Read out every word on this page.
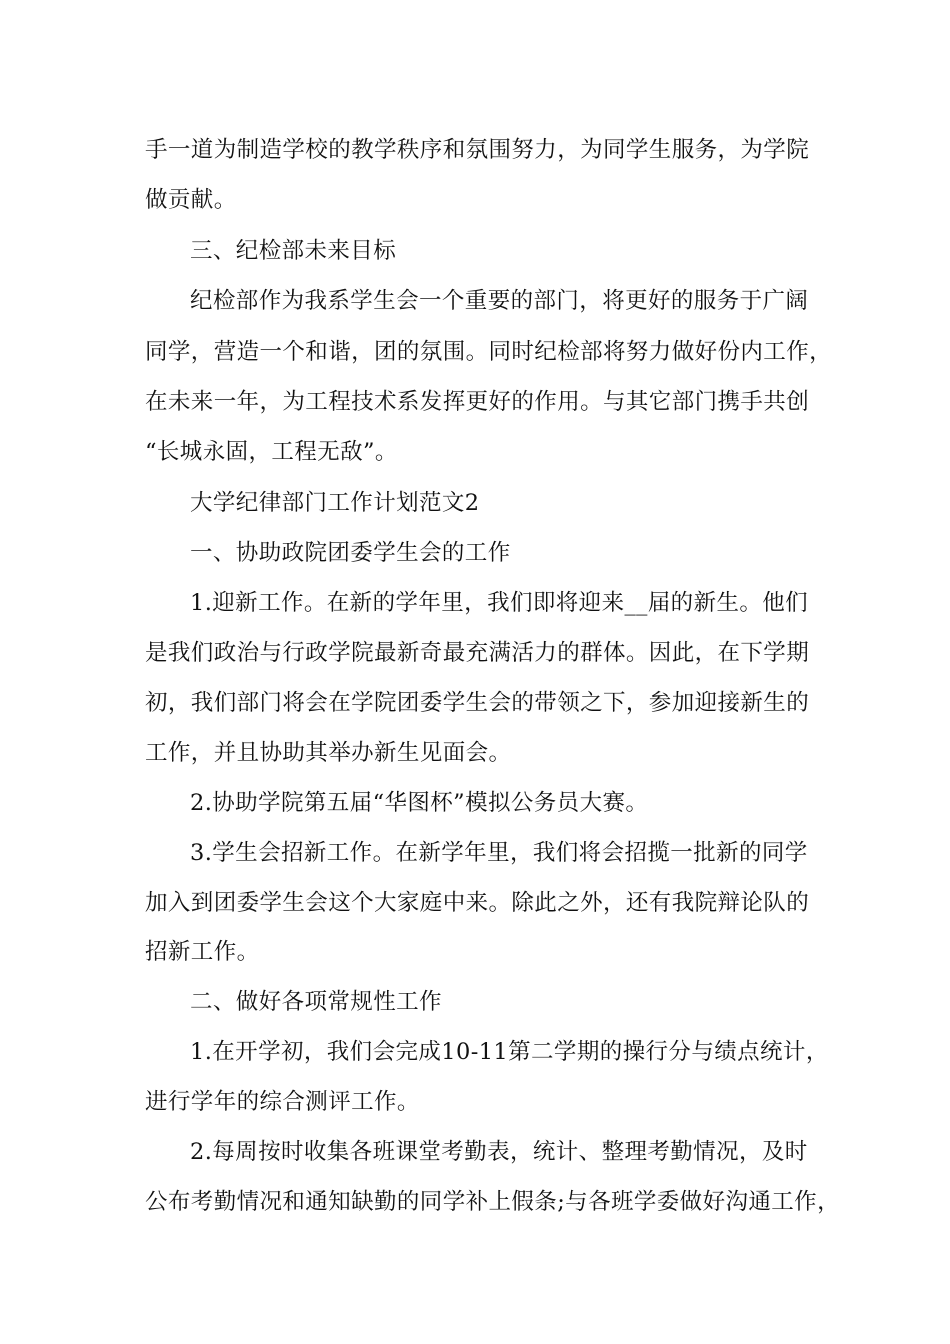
手一道为制造学校的教学秩序和氛围努力，为同学生服务，为学院
做贡献。
三、纪检部未来目标
纪检部作为我系学生会一个重要的部门，将更好的服务于广阔
同学，营造一个和谐，团的氛围。同时纪检部将努力做好份内工作，
在未来一年，为工程技术系发挥更好的作用。与其它部门携手共创
“长城永固，工程无敌”。
大学纪律部门工作计划范文2
一、协助政院团委学生会的工作
1.迎新工作。在新的学年里，我们即将迎来__届的新生。他们
是我们政治与行政学院最新奇最充满活力的群体。因此，在下学期
初，我们部门将会在学院团委学生会的带领之下，参加迎接新生的
工作，并且协助其举办新生见面会。
2.协助学院第五届“华图杯”模拟公务员大赛。
3.学生会招新工作。在新学年里，我们将会招揽一批新的同学
加入到团委学生会这个大家庭中来。除此之外，还有我院辩论队的
招新工作。
二、做好各项常规性工作
1.在开学初，我们会完成10-11第二学期的操行分与绩点统计，
进行学年的综合测评工作。
2.每周按时收集各班课堂考勤表，统计、整理考勤情况，及时
公布考勤情况和通知缺勤的同学补上假条;与各班学委做好沟通工作，
